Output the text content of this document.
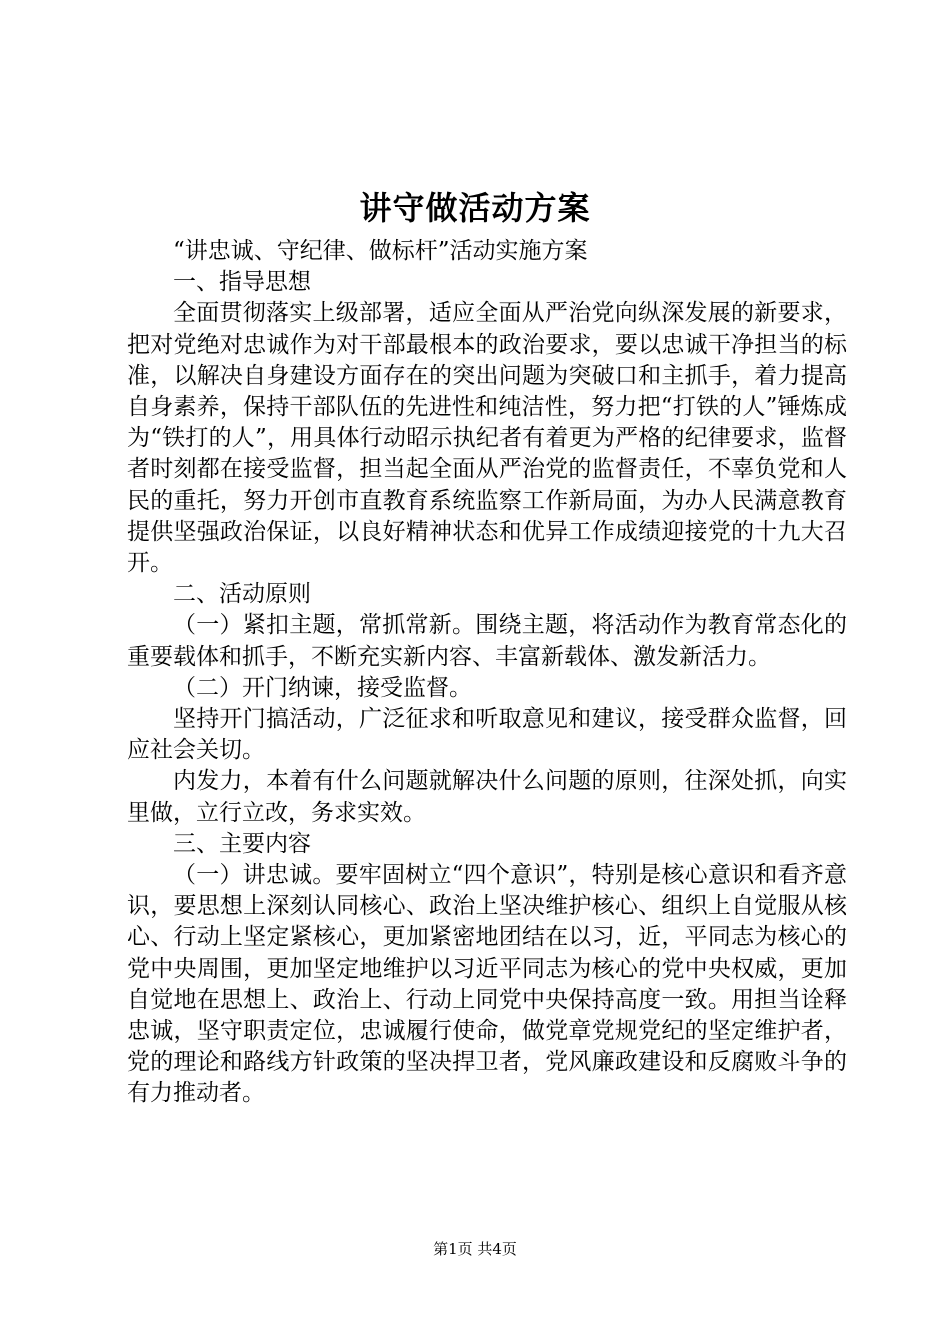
讲守做活动方案

“讲忠诚、守纪律、做标杆”活动实施方案

一、指导思想

全面贯彻落实上级部署，适应全面从严治党向纵深发展的新要求，把对党绝对忠诚作为对干部最根本的政治要求，要以忠诚干净担当的标准，以解决自身建设方面存在的突出问题为突破口和主抓手，着力提高自身素养，保持干部队伍的先进性和纯洁性，努力把“打铁的人”锤炼成为“铁打的人”，用具体行动昭示执纪者有着更为严格的纪律要求，监督者时刻都在接受监督，担当起全面从严治党的监督责任，不辜负党和人民的重托，努力开创市直教育系统监察工作新局面，为办人民满意教育提供坚强政治保证，以良好精神状态和优异工作成绩迎接党的十九大召开。

二、活动原则

（一）紧扣主题，常抓常新。围绕主题，将活动作为教育常态化的重要载体和抓手，不断充实新内容、丰富新载体、激发新活力。

（二）开门纳谏，接受监督。

坚持开门搞活动，广泛征求和听取意见和建议，接受群众监督，回应社会关切。

内发力，本着有什么问题就解决什么问题的原则，往深处抓，向实里做，立行立改，务求实效。

三、主要内容

（一）讲忠诚。要牢固树立“四个意识”，特别是核心意识和看齐意识，要思想上深刻认同核心、政治上坚决维护核心、组织上自觉服从核心、行动上坚定紧核心，更加紧密地团结在以习，近，平同志为核心的党中央周围，更加坚定地维护以习近平同志为核心的党中央权威，更加自觉地在思想上、政治上、行动上同党中央保持高度一致。用担当诠释忠诚，坚守职责定位，忠诚履行使命，做党章党规党纪的坚定维护者，党的理论和路线方针政策的坚决捍卫者，党风廉政建设和反腐败斗争的有力推动者。

第1页 共4页
